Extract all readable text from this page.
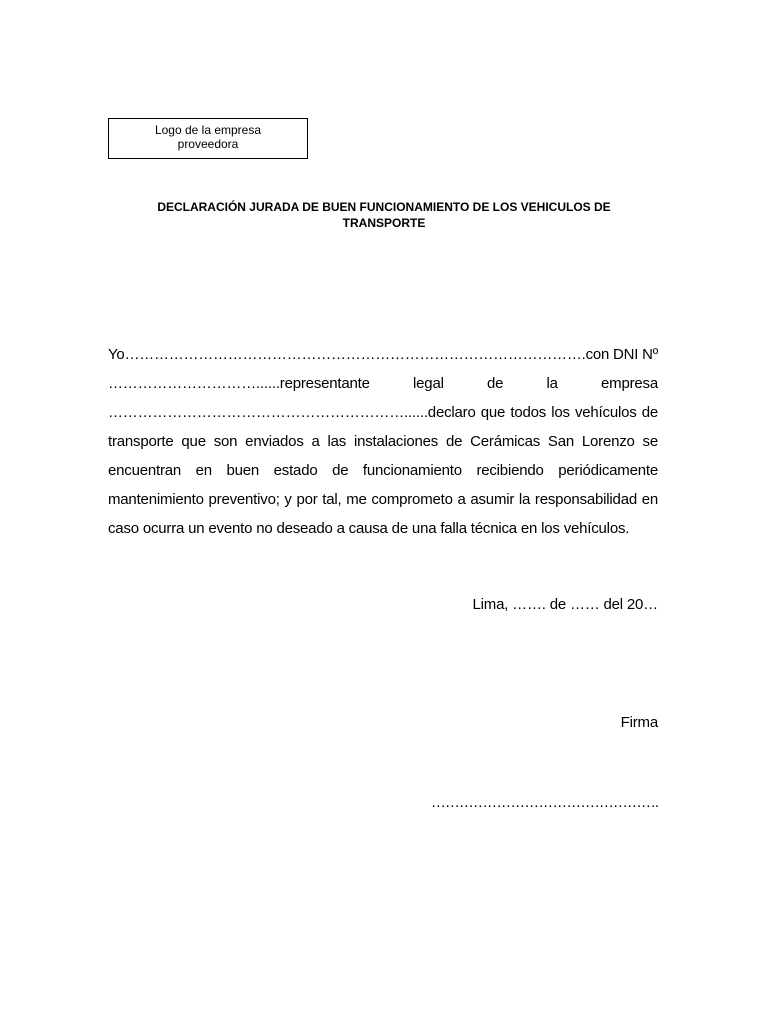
Logo de la empresa
proveedora
DECLARACIÓN JURADA DE BUEN FUNCIONAMIENTO DE LOS VEHICULOS DE
TRANSPORTE
Yo………………………………………………………………………………….con DNI Nº
…………………………......representante legal de la empresa
……………………………………………………......declaro que todos los vehículos de
transporte que son enviados a las instalaciones de Cerámicas San Lorenzo se
encuentran en buen estado de funcionamiento recibiendo periódicamente
mantenimiento preventivo; y por tal, me comprometo a asumir la responsabilidad en
caso ocurra un evento no deseado a causa de una falla técnica en los vehículos.
Lima, ……. de …… del 20…
Firma
………………………………………….
